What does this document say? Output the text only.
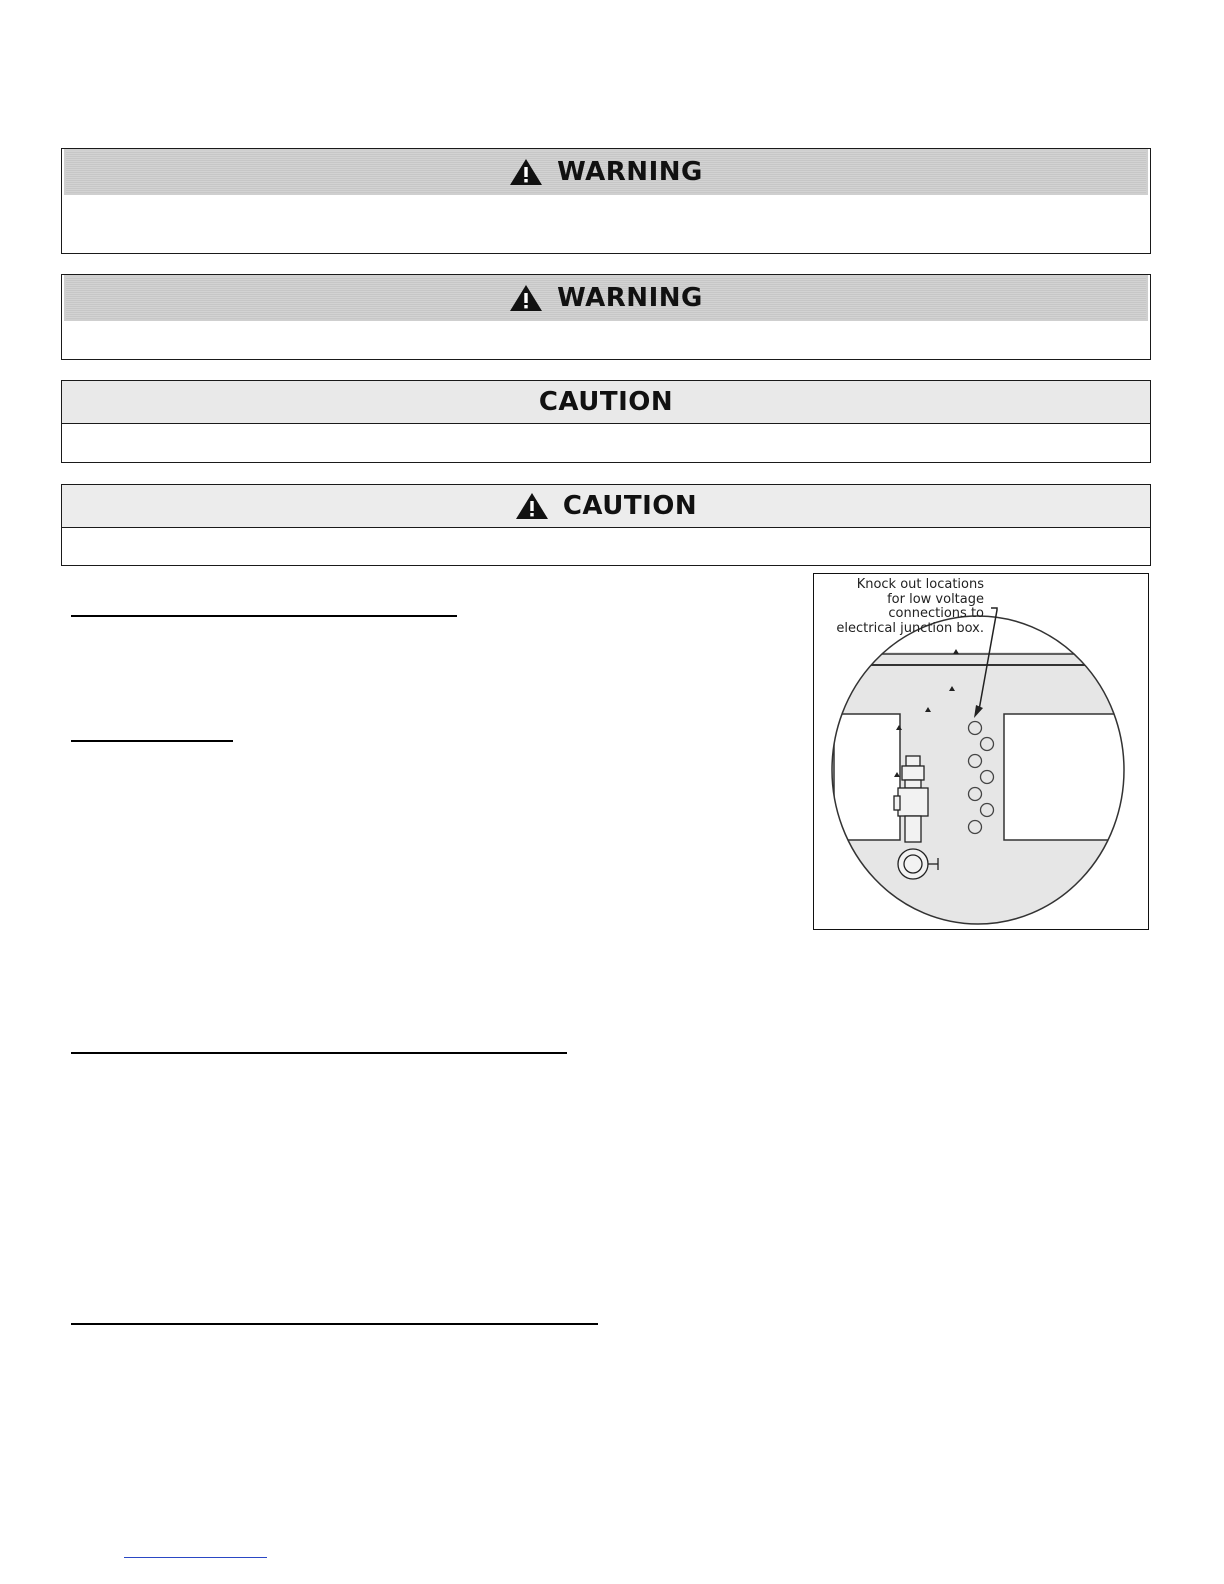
WARNING
WARNING
CAUTION
CAUTION
Knock out locations
for low voltage
connections to
electrical junction box.
